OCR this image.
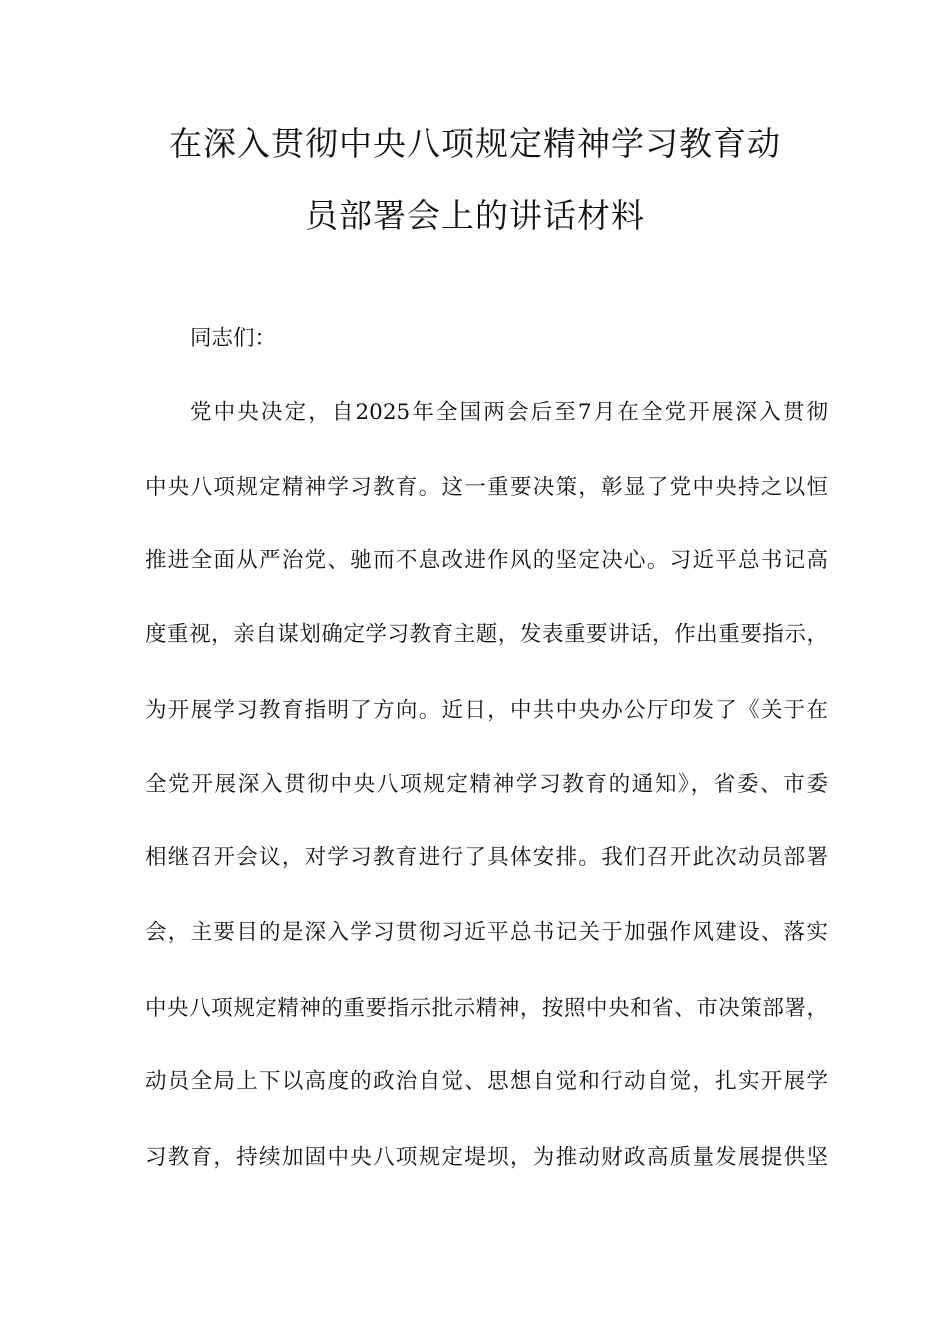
在深入贯彻中央八项规定精神学习教育动
员部署会上的讲话材料
同志们：
党中央决定，自2025年全国两会后至7月在全党开展深入贯彻
中央八项规定精神学习教育。这一重要决策，彰显了党中央持之以恒
推进全面从严治党、驰而不息改进作风的坚定决心。习近平总书记高
度重视，亲自谋划确定学习教育主题，发表重要讲话，作出重要指示，
为开展学习教育指明了方向。近日，中共中央办公厅印发了《关于在
全党开展深入贯彻中央八项规定精神学习教育的通知》，省委、市委
相继召开会议，对学习教育进行了具体安排。我们召开此次动员部署
会，主要目的是深入学习贯彻习近平总书记关于加强作风建设、落实
中央八项规定精神的重要指示批示精神，按照中央和省、市决策部署，
动员全局上下以高度的政治自觉、思想自觉和行动自觉，扎实开展学
习教育，持续加固中央八项规定堤坝，为推动财政高质量发展提供坚
